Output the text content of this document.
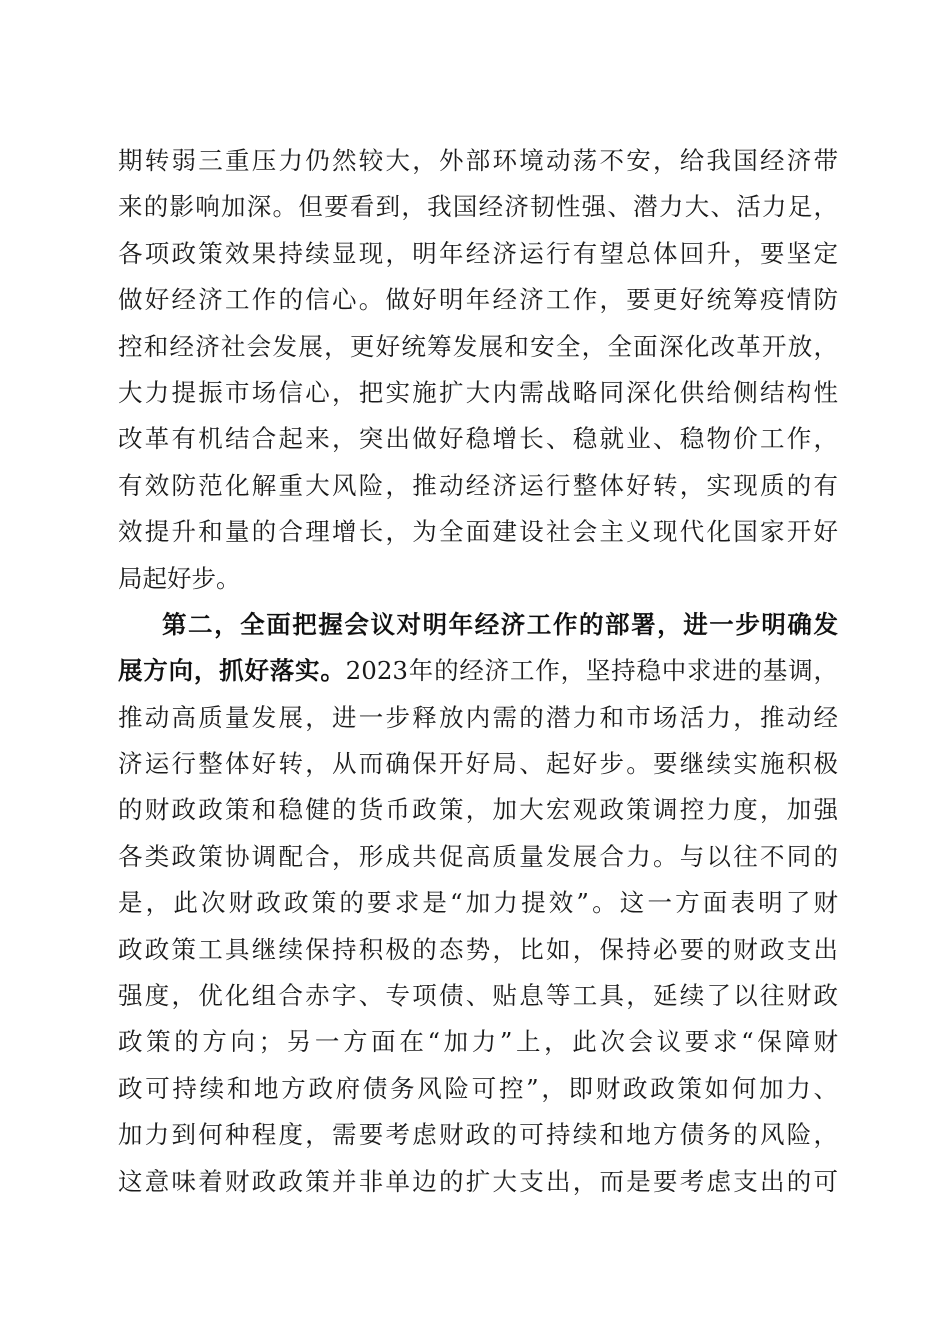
期转弱三重压力仍然较大，外部环境动荡不安，给我国经济带
来的影响加深。但要看到，我国经济韧性强、潜力大、活力足，
各项政策效果持续显现，明年经济运行有望总体回升，要坚定
做好经济工作的信心。做好明年经济工作，要更好统筹疫情防
控和经济社会发展，更好统筹发展和安全，全面深化改革开放，
大力提振市场信心，把实施扩大内需战略同深化供给侧结构性
改革有机结合起来，突出做好稳增长、稳就业、稳物价工作，
有效防范化解重大风险，推动经济运行整体好转，实现质的有
效提升和量的合理增长，为全面建设社会主义现代化国家开好
局起好步。
第二，全面把握会议对明年经济工作的部署，进一步明确发
展方向，抓好落实。2023年的经济工作，坚持稳中求进的基调，
推动高质量发展，进一步释放内需的潜力和市场活力，推动经
济运行整体好转，从而确保开好局、起好步。要继续实施积极
的财政政策和稳健的货币政策，加大宏观政策调控力度，加强
各类政策协调配合，形成共促高质量发展合力。与以往不同的
是，此次财政政策的要求是“加力提效”。这一方面表明了财
政政策工具继续保持积极的态势，比如，保持必要的财政支出
强度，优化组合赤字、专项债、贴息等工具，延续了以往财政
政策的方向；另一方面在“加力”上，此次会议要求“保障财
政可持续和地方政府债务风险可控”，即财政政策如何加力、
加力到何种程度，需要考虑财政的可持续和地方债务的风险，
这意味着财政政策并非单边的扩大支出，而是要考虑支出的可
